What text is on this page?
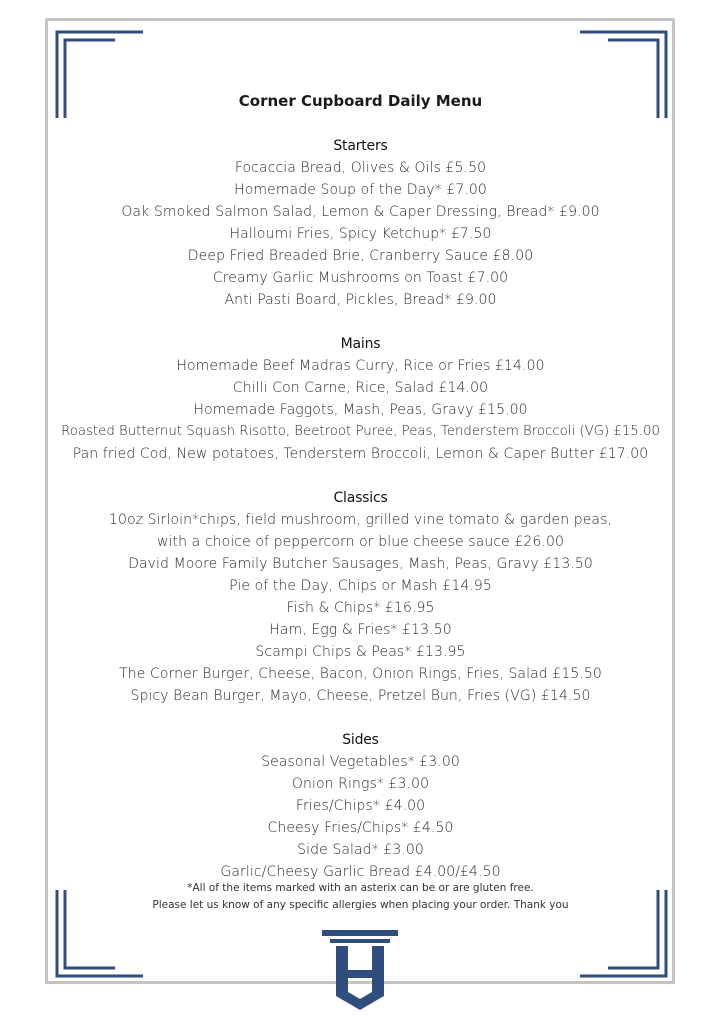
Corner Cupboard Daily Menu
Starters
Focaccia Bread, Olives & Oils £5.50
Homemade Soup of the Day* £7.00
Oak Smoked Salmon Salad, Lemon & Caper Dressing, Bread* £9.00
Halloumi Fries, Spicy Ketchup* £7.50
Deep Fried Breaded Brie, Cranberry Sauce £8.00
Creamy Garlic Mushrooms on Toast £7.00
Anti Pasti Board, Pickles, Bread* £9.00
Mains
Homemade Beef Madras Curry, Rice or Fries £14.00
Chilli Con Carne, Rice, Salad £14.00
Homemade Faggots, Mash, Peas, Gravy £15.00
Roasted Butternut Squash Risotto, Beetroot Puree, Peas, Tenderstem Broccoli (VG) £15.00
Pan fried Cod, New potatoes, Tenderstem Broccoli, Lemon & Caper Butter £17.00
Classics
10oz Sirloin*chips, field mushroom, grilled vine tomato & garden peas,
with a choice of peppercorn or blue cheese sauce £26.00
David Moore Family Butcher Sausages, Mash, Peas, Gravy £13.50
Pie of the Day, Chips or Mash £14.95
Fish & Chips* £16.95
Ham, Egg & Fries* £13.50
Scampi Chips & Peas* £13.95
The Corner Burger, Cheese, Bacon, Onion Rings, Fries, Salad £15.50
Spicy Bean Burger, Mayo, Cheese, Pretzel Bun, Fries (VG) £14.50
Sides
Seasonal Vegetables* £3.00
Onion Rings* £3.00
Fries/Chips* £4.00
Cheesy Fries/Chips* £4.50
Side Salad* £3.00
Garlic/Cheesy Garlic Bread £4.00/£4.50
*All of the items marked with an asterix can be or are gluten free.
Please let us know of any specific allergies when placing your order. Thank you
